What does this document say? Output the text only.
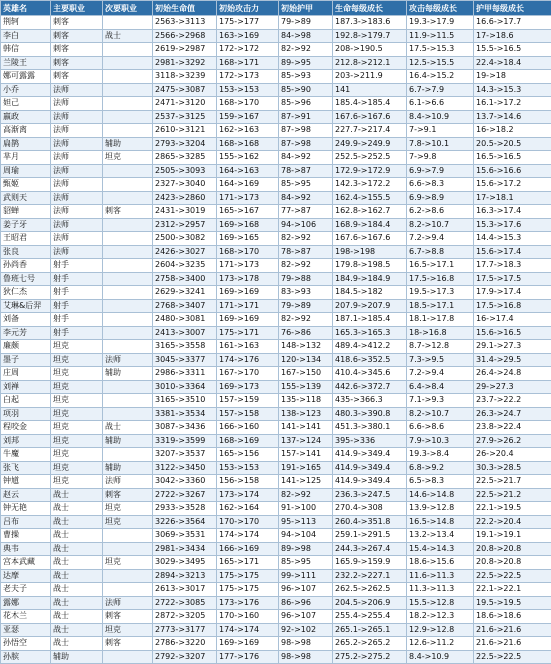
英雄名	主要职业	次要职业	初始生命值	初始攻击力	初始护甲	生命每级成长	攻击每级成长	护甲每级成长
荆轲	刺客		2563->3113	175->177	79->89	187.3->183.6	19.3->17.9	16.6->17.7
李白	刺客	战士	2566->2968	163->169	84->98	192.8->179.7	11.9->11.5	17->18.6
韩信	刺客		2619->2987	172->172	82->92	208->190.5	17.5->15.3	15.5->16.5
兰陵王	刺客		2981->3292	168->171	89->95	212.8->212.1	12.5->15.5	22.4->18.4
娜可露露	刺客		3118->3239	172->173	85->93	203->211.9	16.4->15.2	19->18
小乔	法师		2475->3087	153->153	85->90	141	6.7->7.9	14.3->15.3
妲己	法师		2471->3120	168->170	85->96	185.4->185.4	6.1->6.6	16.1->17.2
嬴政	法师		2537->3125	159->167	87->91	167.6->167.6	8.4->10.9	13.7->14.6
高渐离	法师		2610->3121	162->163	87->98	227.7->217.4	7->9.1	16->18.2
扁鹊	法师	辅助	2793->3204	168->168	87->98	249.9->249.9	7.8->10.1	20.5->20.5
芈月	法师	坦克	2865->3285	155->162	84->92	252.5->252.5	7->9.8	16.5->16.5
周瑜	法师		2505->3093	164->163	78->87	172.9->172.9	6.9->7.9	15.6->16.6
甄姬	法师		2327->3040	164->169	85->95	142.3->172.2	6.6->8.3	15.6->17.2
武则天	法师		2423->2860	171->173	84->92	162.4->155.5	6.9->8.9	17->18.1
貂蝉	法师	刺客	2431->3019	165->167	77->87	162.8->162.7	6.2->8.6	16.3->17.4
姜子牙	法师		2312->2957	169->168	94->106	168.9->184.4	8.2->10.7	15.3->17.6
王昭君	法师		2500->3082	169->165	82->92	167.6->167.6	7.2->9.4	14.4->15.3
张良	法师		2426->3027	168->170	78->87	198->198	6.7->8.8	15.6->17.4
孙尚香	射手		2604->3235	171->173	82->92	179.8->198.5	16.5->17.1	17.7->18.3
鲁班七号	射手		2758->3400	173->178	79->88	184.9->184.9	17.5->16.8	17.5->17.5
狄仁杰	射手		2629->3241	169->169	83->93	184.5->182	19.5->17.3	17.9->17.4
艾琳&后羿	射手		2768->3407	171->171	79->89	207.9->207.9	18.5->17.1	17.5->16.8
刘备	射手		2480->3081	169->169	82->92	187.1->185.4	18.1->17.8	16->17.4
李元芳	射手		2413->3007	175->171	76->86	165.3->165.3	18->16.8	15.6->16.5
廉颇	坦克		3165->3558	161->163	148->132	489.4->412.2	8.7->12.8	29.1->27.3
墨子	坦克	法师	3045->3377	174->176	120->134	418.6->352.5	7.3->9.5	31.4->29.5
庄周	坦克	辅助	2986->3311	167->170	167->150	410.4->345.6	7.2->9.4	26.4->24.8
刘禅	坦克		3010->3364	169->173	155->139	442.6->372.7	6.4->8.4	29->27.3
白起	坦克		3165->3510	157->159	135->118	435->366.3	7.1->9.3	23.7->22.2
项羽	坦克		3381->3534	157->158	138->123	480.3->390.8	8.2->10.7	26.3->24.7
程咬金	坦克	战士	3087->3436	166->160	141->141	451.3->380.1	6.6->8.6	23.8->22.4
刘邦	坦克	辅助	3319->3599	168->169	137->124	395->336	7.9->10.3	27.9->26.2
牛魔	坦克		3207->3537	165->156	157->141	414.9->349.4	19.3->8.4	26->20.4
张飞	坦克	辅助	3122->3450	153->153	191->165	414.9->349.4	6.8->9.2	30.3->28.5
钟馗	坦克	法师	3042->3360	156->158	141->125	414.9->349.4	6.5->8.3	22.5->21.7
赵云	战士	刺客	2722->3267	173->174	82->92	236.3->247.5	14.6->14.8	22.5->21.2
钟无艳	战士	坦克	2933->3528	162->164	91->100	270.4->308	13.9->12.8	22.1->19.5
吕布	战士	坦克	3226->3564	170->170	95->113	260.4->351.8	16.5->14.8	22.2->20.4
曹操	战士		3069->3531	174->174	94->104	259.1->291.5	13.2->13.4	19.1->19.1
典韦	战士		2981->3434	166->169	89->98	244.3->267.4	15.4->14.3	20.8->20.8
宫本武藏	战士	坦克	3029->3495	165->171	85->95	165.9->159.9	18.6->15.6	20.8->20.8
达摩	战士		2894->3213	175->175	99->111	232.2->227.1	11.6->11.3	22.5->22.5
老夫子	战士		2613->3017	175->175	96->107	262.5->262.5	11.3->11.3	22.1->22.1
露娜	战士	法师	2722->3085	173->176	86->96	204.5->206.9	15.5->12.8	19.5->19.5
花木兰	战士	刺客	2872->3205	170->160	96->107	255.4->255.4	18.2->12.3	18.6->18.6
亚瑟	战士	坦克	2773->3177	174->174	92->102	265.1->265.1	12.9->12.8	21.6->21.6
孙悟空	战士	刺客	2786->3220	169->169	98->98	265.2->265.2	12.6->11.2	21.6->21.6
孙膑	辅助		2792->3207	177->176	98->98	275.2->275.2	8.4->10.9	22.5->22.5
